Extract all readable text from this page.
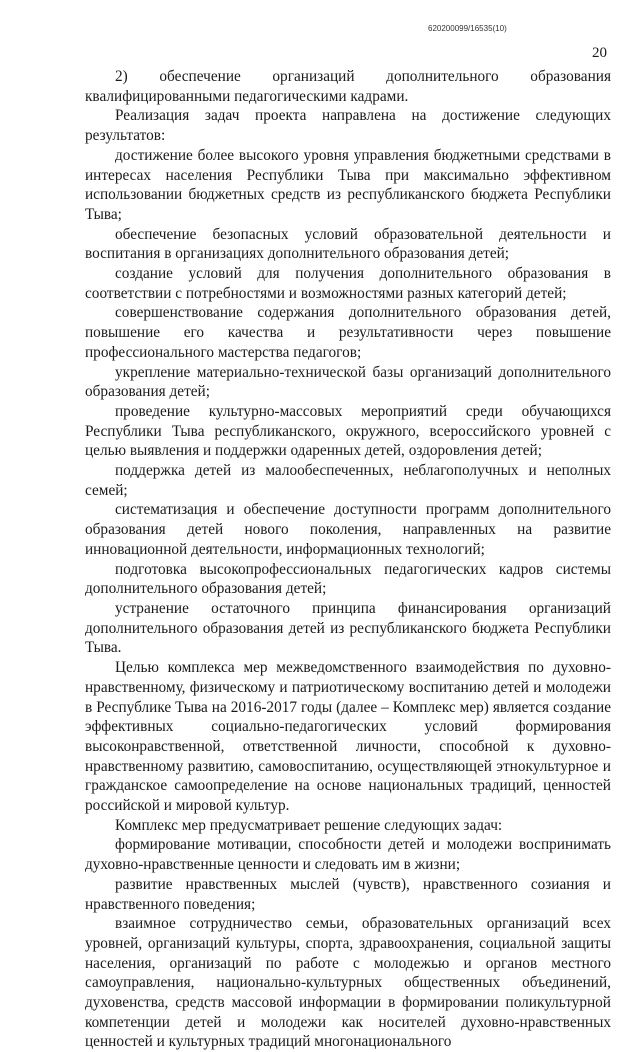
620200099/16535(10)
20

2) обеспечение организаций дополнительного образования квалифицированными педагогическими кадрами.

Реализация задач проекта направлена на достижение следующих результатов:

достижение более высокого уровня управления бюджетными средствами в интересах населения Республики Тыва при максимально эффективном использовании бюджетных средств из республиканского бюджета Республики Тыва;

обеспечение безопасных условий образовательной деятельности и воспитания в организациях дополнительного образования детей;

создание условий для получения дополнительного образования в соответствии с потребностями и возможностями разных категорий детей;

совершенствование содержания дополнительного образования детей, повышение его качества и результативности через повышение профессионального мастерства педагогов;

укрепление материально-технической базы организаций дополнительного образования детей;

проведение культурно-массовых мероприятий среди обучающихся Республики Тыва республиканского, окружного, всероссийского уровней с целью выявления и поддержки одаренных детей, оздоровления детей;

поддержка детей из малообеспеченных, неблагополучных и неполных семей;

систематизация и обеспечение доступности программ дополнительного образования детей нового поколения, направленных на развитие инновационной деятельности, информационных технологий;

подготовка высокопрофессиональных педагогических кадров системы дополнительного образования детей;

устранение остаточного принципа финансирования организаций дополнительного образования детей из республиканского бюджета Республики Тыва.

Целью комплекса мер межведомственного взаимодействия по духовно-нравственному, физическому и патриотическому воспитанию детей и молодежи в Республике Тыва на 2016-2017 годы (далее – Комплекс мер) является создание эффективных социально-педагогических условий формирования высоконравственной, ответственной личности, способной к духовно-нравственному развитию, самовоспитанию, осуществляющей этнокультурное и гражданское самоопределение на основе национальных традиций, ценностей российской и мировой культур.

Комплекс мер предусматривает решение следующих задач:

формирование мотивации, способности детей и молодежи воспринимать духовно-нравственные ценности и следовать им в жизни;

развитие нравственных мыслей (чувств), нравственного созиания и нравственного поведения;

взаимное сотрудничество семьи, образовательных организаций всех уровней, организаций культуры, спорта, здравоохранения, социальной защиты населения, организаций по работе с молодежью и органов местного самоуправления, национально-культурных общественных объединений, духовенства, средств массовой информации в формировании поликультурной компетенции детей и молодежи как носителей духовно-нравственных ценностей и культурных традиций многонационального
